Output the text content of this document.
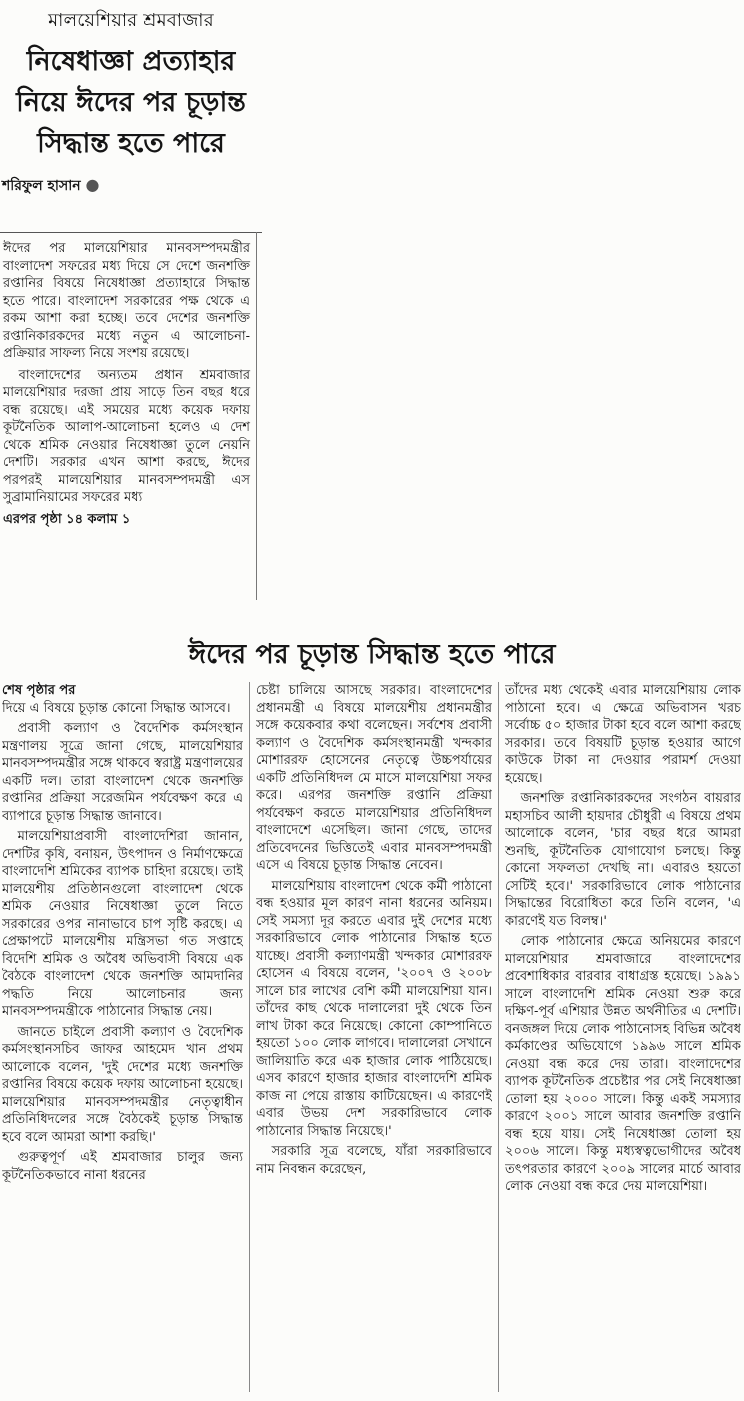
মালয়েশিয়ার শ্রমবাজার
নিষেধাজ্ঞা প্রত্যাহার
নিয়ে ঈদের পর চূড়ান্ত
সিদ্ধান্ত হতে পারে
শরিফুল হাসান ●

ঈদের পর মালয়েশিয়ার মানবসম্পদমন্ত্রীর বাংলাদেশ সফরের মধ্য দিয়ে সে দেশে জনশক্তি রপ্তানির বিষয়ে নিষেধাজ্ঞা প্রত্যাহারে সিদ্ধান্ত হতে পারে। বাংলাদেশ সরকারের পক্ষ থেকে এ রকম আশা করা হচ্ছে। তবে দেশের জনশক্তি রপ্তানিকারকদের মধ্যে নতুন এ আলোচনা-প্রক্রিয়ার সাফল্য নিয়ে সংশয় রয়েছে।

বাংলাদেশের অন্যতম প্রধান শ্রমবাজার মালয়েশিয়ার দরজা প্রায় সাড়ে তিন বছর ধরে বন্ধ রয়েছে। এই সময়ের মধ্যে কয়েক দফায় কূটনৈতিক আলাপ-আলোচনা হলেও এ দেশ থেকে শ্রমিক নেওয়ার নিষেধাজ্ঞা তুলে নেয়নি দেশটি। সরকার এখন আশা করছে, ঈদের পরপরই মালয়েশিয়ার মানবসম্পদমন্ত্রী এস সুব্রামানিয়ামের সফরের মধ্য

এরপর পৃষ্ঠা ১৪ কলাম ১
ঈদের পর চূড়ান্ত সিদ্ধান্ত হতে পারে
শেষ পৃষ্ঠার পর

দিয়ে এ বিষয়ে চূড়ান্ত কোনো সিদ্ধান্ত আসবে।

প্রবাসী কল্যাণ ও বৈদেশিক কর্মসংস্থান মন্ত্রণালয় সূত্রে জানা গেছে, মালয়েশিয়ার মানবসম্পদমন্ত্রীর সঙ্গে থাকবে স্বরাষ্ট্র মন্ত্রণালয়ের একটি দল। তারা বাংলাদেশ থেকে জনশক্তি রপ্তানির প্রক্রিয়া সরেজমিন পর্যবেক্ষণ করে এ ব্যাপারে চূড়ান্ত সিদ্ধান্ত জানাবে।

মালয়েশিয়াপ্রবাসী বাংলাদেশিরা জানান, দেশটির কৃষি, বনায়ন, উৎপাদন ও নির্মাণক্ষেত্রে বাংলাদেশি শ্রমিকের ব্যাপক চাহিদা রয়েছে। তাই মালয়েশীয় প্রতিষ্ঠানগুলো বাংলাদেশ থেকে শ্রমিক নেওয়ার নিষেধাজ্ঞা তুলে নিতে সরকারের ওপর নানাভাবে চাপ সৃষ্টি করছে। এ প্রেক্ষাপটে মালয়েশীয় মন্ত্রিসভা গত সপ্তাহে বিদেশি শ্রমিক ও অবৈধ অভিবাসী বিষয়ে এক বৈঠকে বাংলাদেশ থেকে জনশক্তি আমদানির পদ্ধতি নিয়ে আলোচনার জন্য মানবসম্পদমন্ত্রীকে পাঠানোর সিদ্ধান্ত নেয়।

জানতে চাইলে প্রবাসী কল্যাণ ও বৈদেশিক কর্মসংস্থানসচিব জাফর আহমেদ খান প্রথম আলোকে বলেন, 'দুই দেশের মধ্যে জনশক্তি রপ্তানির বিষয়ে কয়েক দফায় আলোচনা হয়েছে। মালয়েশিয়ার মানবসম্পদমন্ত্রীর নেতৃত্বাধীন প্রতিনিধিদলের সঙ্গে বৈঠকেই চূড়ান্ত সিদ্ধান্ত হবে বলে আমরা আশা করছি।'

গুরুত্বপূর্ণ এই শ্রমবাজার চালুর জন্য কূটনৈতিকভাবে নানা ধরনের

চেষ্টা চালিয়ে আসছে সরকার। বাংলাদেশের প্রধানমন্ত্রী এ বিষয়ে মালয়েশীয় প্রধানমন্ত্রীর সঙ্গে কয়েকবার কথা বলেছেন। সর্বশেষ প্রবাসী কল্যাণ ও বৈদেশিক কর্মসংস্থানমন্ত্রী খন্দকার মোশাররফ হোসেনের নেতৃত্বে উচ্চপর্যায়ের একটি প্রতিনিধিদল মে মাসে মালয়েশিয়া সফর করে। এরপর জনশক্তি রপ্তানি প্রক্রিয়া পর্যবেক্ষণ করতে মালয়েশিয়ার প্রতিনিধিদল বাংলাদেশে এসেছিল। জানা গেছে, তাদের প্রতিবেদনের ভিত্তিতেই এবার মানবসম্পদমন্ত্রী এসে এ বিষয়ে চূড়ান্ত সিদ্ধান্ত নেবেন।

মালয়েশিয়ায় বাংলাদেশ থেকে কর্মী পাঠানো বন্ধ হওয়ার মূল কারণ নানা ধরনের অনিয়ম। সেই সমস্যা দূর করতে এবার দুই দেশের মধ্যে সরকারিভাবে লোক পাঠানোর সিদ্ধান্ত হতে যাচ্ছে। প্রবাসী কল্যাণমন্ত্রী খন্দকার মোশাররফ হোসেন এ বিষয়ে বলেন, '২০০৭ ও ২০০৮ সালে চার লাখের বেশি কর্মী মালয়েশিয়া যান। তাঁদের কাছ থেকে দালালেরা দুই থেকে তিন লাখ টাকা করে নিয়েছে। কোনো কোম্পানিতে হয়তো ১০০ লোক লাগবে। দালালেরা সেখানে জালিয়াতি করে এক হাজার লোক পাঠিয়েছে। এসব কারণে হাজার হাজার বাংলাদেশি শ্রমিক কাজ না পেয়ে রাস্তায় কাটিয়েছেন। এ কারণেই এবার উভয় দেশ সরকারিভাবে লোক পাঠানোর সিদ্ধান্ত নিয়েছে।'

সরকারি সূত্র বলেছে, যাঁরা সরকারিভাবে নাম নিবন্ধন করেছেন,

তাঁদের মধ্য থেকেই এবার মালয়েশিয়ায় লোক পাঠানো হবে। এ ক্ষেত্রে অভিবাসন খরচ সর্বোচ্চ ৫০ হাজার টাকা হবে বলে আশা করছে সরকার। তবে বিষয়টি চূড়ান্ত হওয়ার আগে কাউকে টাকা না দেওয়ার পরামর্শ দেওয়া হয়েছে।

জনশক্তি রপ্তানিকারকদের সংগঠন বায়রার মহাসচিব আলী হায়দার চৌধুরী এ বিষয়ে প্রথম আলোকে বলেন, 'চার বছর ধরে আমরা শুনছি, কূটনৈতিক যোগাযোগ চলছে। কিন্তু কোনো সফলতা দেখছি না। এবারও হয়তো সেটিই হবে।' সরকারিভাবে লোক পাঠানোর সিদ্ধান্তের বিরোধিতা করে তিনি বলেন, 'এ কারণেই যত বিলম্ব।'

লোক পাঠানোর ক্ষেত্রে অনিয়মের কারণে মালয়েশিয়ার শ্রমবাজারে বাংলাদেশের প্রবেশাধিকার বারবার বাধাগ্রস্ত হয়েছে। ১৯৯১ সালে বাংলাদেশি শ্রমিক নেওয়া শুরু করে দক্ষিণ-পূর্ব এশিয়ার উন্নত অর্থনীতির এ দেশটি। বনজঙ্গল দিয়ে লোক পাঠানোসহ বিভিন্ন অবৈধ কর্মকাণ্ডের অভিযোগে ১৯৯৬ সালে শ্রমিক নেওয়া বন্ধ করে দেয় তারা। বাংলাদেশের ব্যাপক কূটনৈতিক প্রচেষ্টার পর সেই নিষেধাজ্ঞা তোলা হয় ২০০০ সালে। কিন্তু একই সমস্যার কারণে ২০০১ সালে আবার জনশক্তি রপ্তানি বন্ধ হয়ে যায়। সেই নিষেধাজ্ঞা তোলা হয় ২০০৬ সালে। কিন্তু মধ্যস্বত্বভোগীদের অবৈধ তৎপরতার কারণে ২০০৯ সালের মার্চে আবার লোক নেওয়া বন্ধ করে দেয় মালয়েশিয়া।
